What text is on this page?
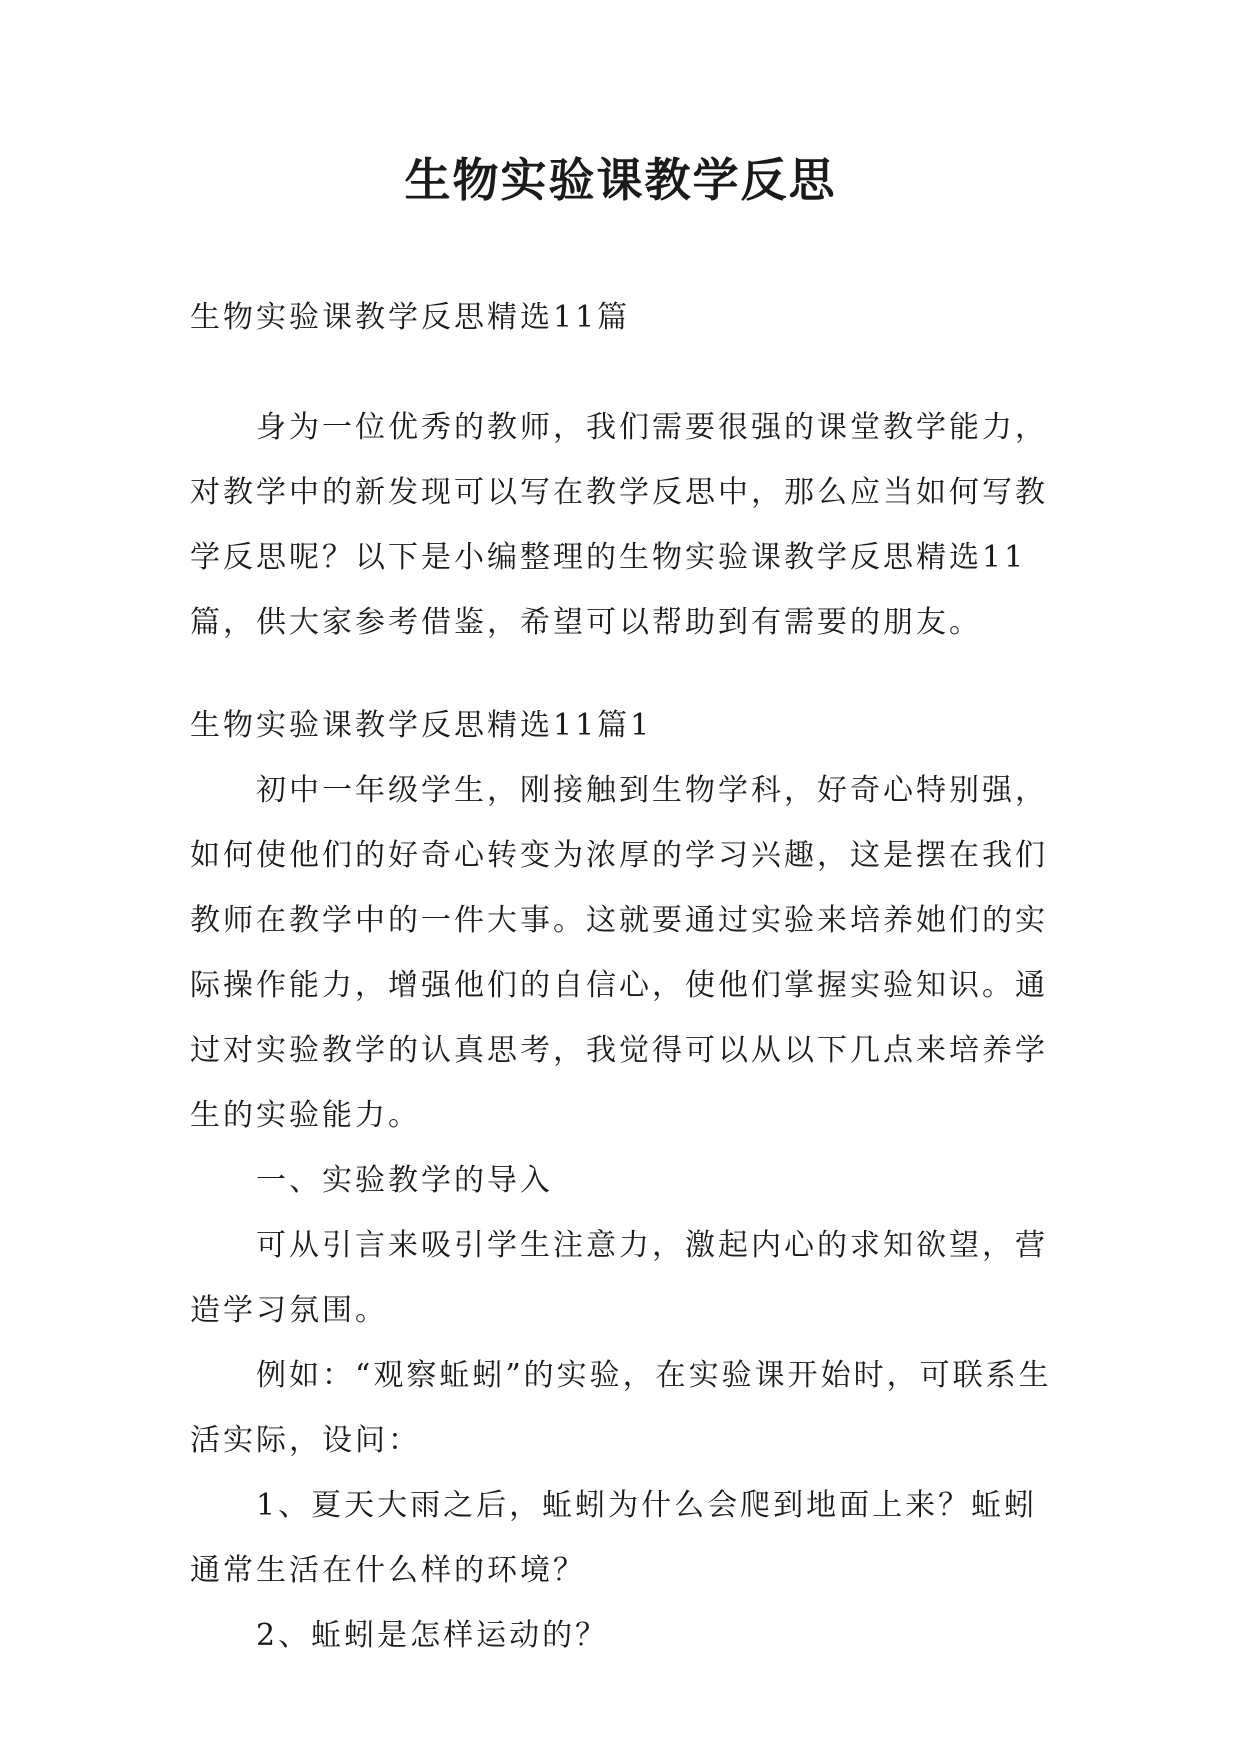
生物实验课教学反思

生物实验课教学反思精选11篇

身为一位优秀的教师，我们需要很强的课堂教学能力，对教学中的新发现可以写在教学反思中，那么应当如何写教学反思呢？以下是小编整理的生物实验课教学反思精选11篇，供大家参考借鉴，希望可以帮助到有需要的朋友。

生物实验课教学反思精选11篇1

初中一年级学生，刚接触到生物学科，好奇心特别强，如何使他们的好奇心转变为浓厚的学习兴趣，这是摆在我们教师在教学中的一件大事。这就要通过实验来培养她们的实际操作能力，增强他们的自信心，使他们掌握实验知识。通过对实验教学的认真思考，我觉得可以从以下几点来培养学生的实验能力。

一、实验教学的导入

可从引言来吸引学生注意力，激起内心的求知欲望，营造学习氛围。

例如：“观察蚯蚓”的实验，在实验课开始时，可联系生活实际，设问：

1、夏天大雨之后，蚯蚓为什么会爬到地面上来？蚯蚓通常生活在什么样的环境？

2、蚯蚓是怎样运动的？
